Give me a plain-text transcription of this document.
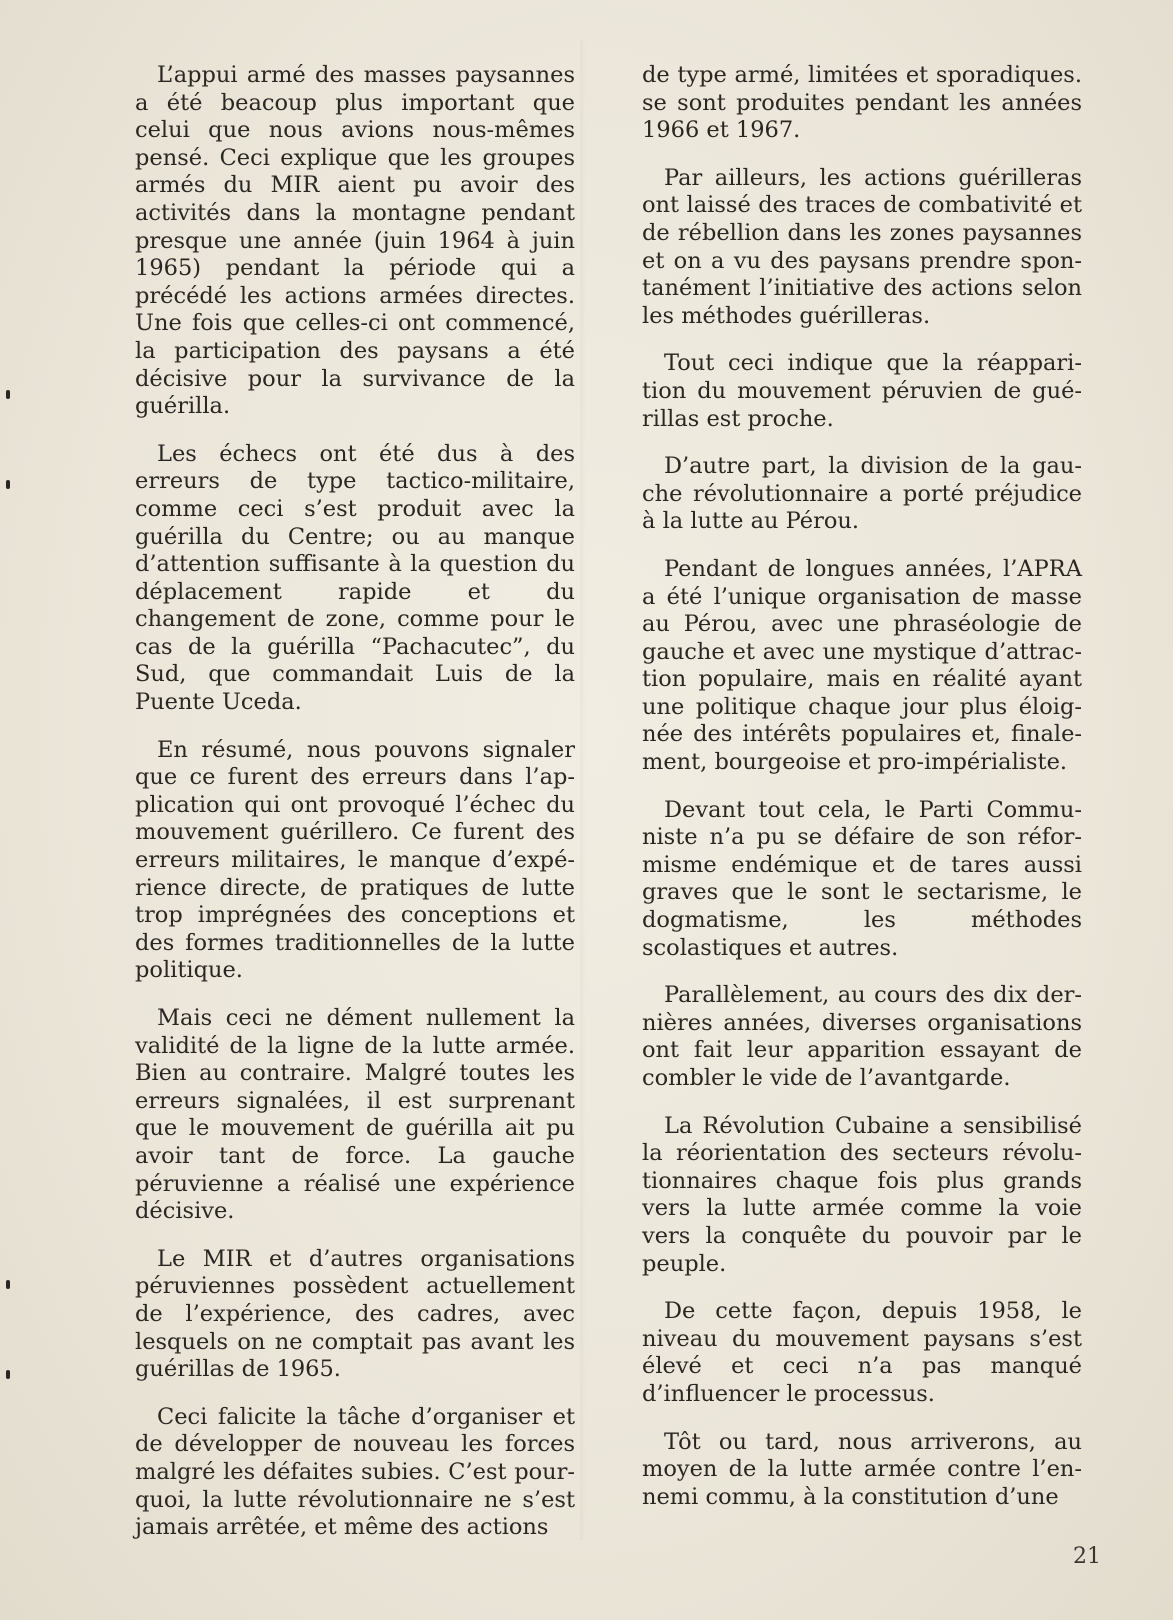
L’appui armé des masses paysannes a été beacoup plus important que celui que nous avions nous-mêmes pensé. Ceci explique que les groupes armés du MIR aient pu avoir des activités dans la montagne pendant presque une année (juin 1964 à juin 1965) pendant la période qui a précédé les actions armées directes. Une fois que celles-ci ont commencé, la participation des paysans a été décisive pour la survivance de la guérilla.

Les échecs ont été dus à des erreurs de type tactico-militaire, comme ceci s’est produit avec la guérilla du Centre; ou au manque d’attention suffisante à la question du déplacement rapide et du changement de zone, comme pour le cas de la guérilla “Pachacutec”, du Sud, que commandait Luis de la Puente Uceda.

En résumé, nous pouvons signaler que ce furent des erreurs dans l’application qui ont provoqué l’échec du mouvement guérillero. Ce furent des erreurs militaires, le manque d’expérience directe, de pratiques de lutte trop imprégnées des conceptions et des formes traditionnelles de la lutte politique.

Mais ceci ne dément nullement la validité de la ligne de la lutte armée. Bien au contraire. Malgré toutes les erreurs signalées, il est surprenant que le mouvement de guérilla ait pu avoir tant de force. La gauche péruvienne a réalisé une expérience décisive.

Le MIR et d’autres organisations péruviennes possèdent actuellement de l’expérience, des cadres, avec lesquels on ne comptait pas avant les guérillas de 1965.

Ceci falicite la tâche d’organiser et de développer de nouveau les forces malgré les défaites subies. C’est pourquoi, la lutte révolutionnaire ne s’est jamais arrêtée, et même des actions

de type armé, limitées et sporadiques. se sont produites pendant les années 1966 et 1967.

Par ailleurs, les actions guérilleras ont laissé des traces de combativité et de rébellion dans les zones paysannes et on a vu des paysans prendre spontanément l’initiative des actions selon les méthodes guérilleras.

Tout ceci indique que la réapparition du mouvement péruvien de guérillas est proche.

D’autre part, la division de la gauche révolutionnaire a porté préjudice à la lutte au Pérou.

Pendant de longues années, l’APRA a été l’unique organisation de masse au Pérou, avec une phraséologie de gauche et avec une mystique d’attraction populaire, mais en réalité ayant une politique chaque jour plus éloignée des intérêts populaires et, finalement, bourgeoise et pro-impérialiste.

Devant tout cela, le Parti Communiste n’a pu se défaire de son réformisme endémique et de tares aussi graves que le sont le sectarisme, le dogmatisme, les méthodes scolastiques et autres.

Parallèlement, au cours des dix dernières années, diverses organisations ont fait leur apparition essayant de combler le vide de l’avantgarde.

La Révolution Cubaine a sensibilisé la réorientation des secteurs révolutionnaires chaque fois plus grands vers la lutte armée comme la voie vers la conquête du pouvoir par le peuple.

De cette façon, depuis 1958, le niveau du mouvement paysans s’est élevé et ceci n’a pas manqué d’influencer le processus.

Tôt ou tard, nous arriverons, au moyen de la lutte armée contre l’ennemi commu, à la constitution d’une

21
